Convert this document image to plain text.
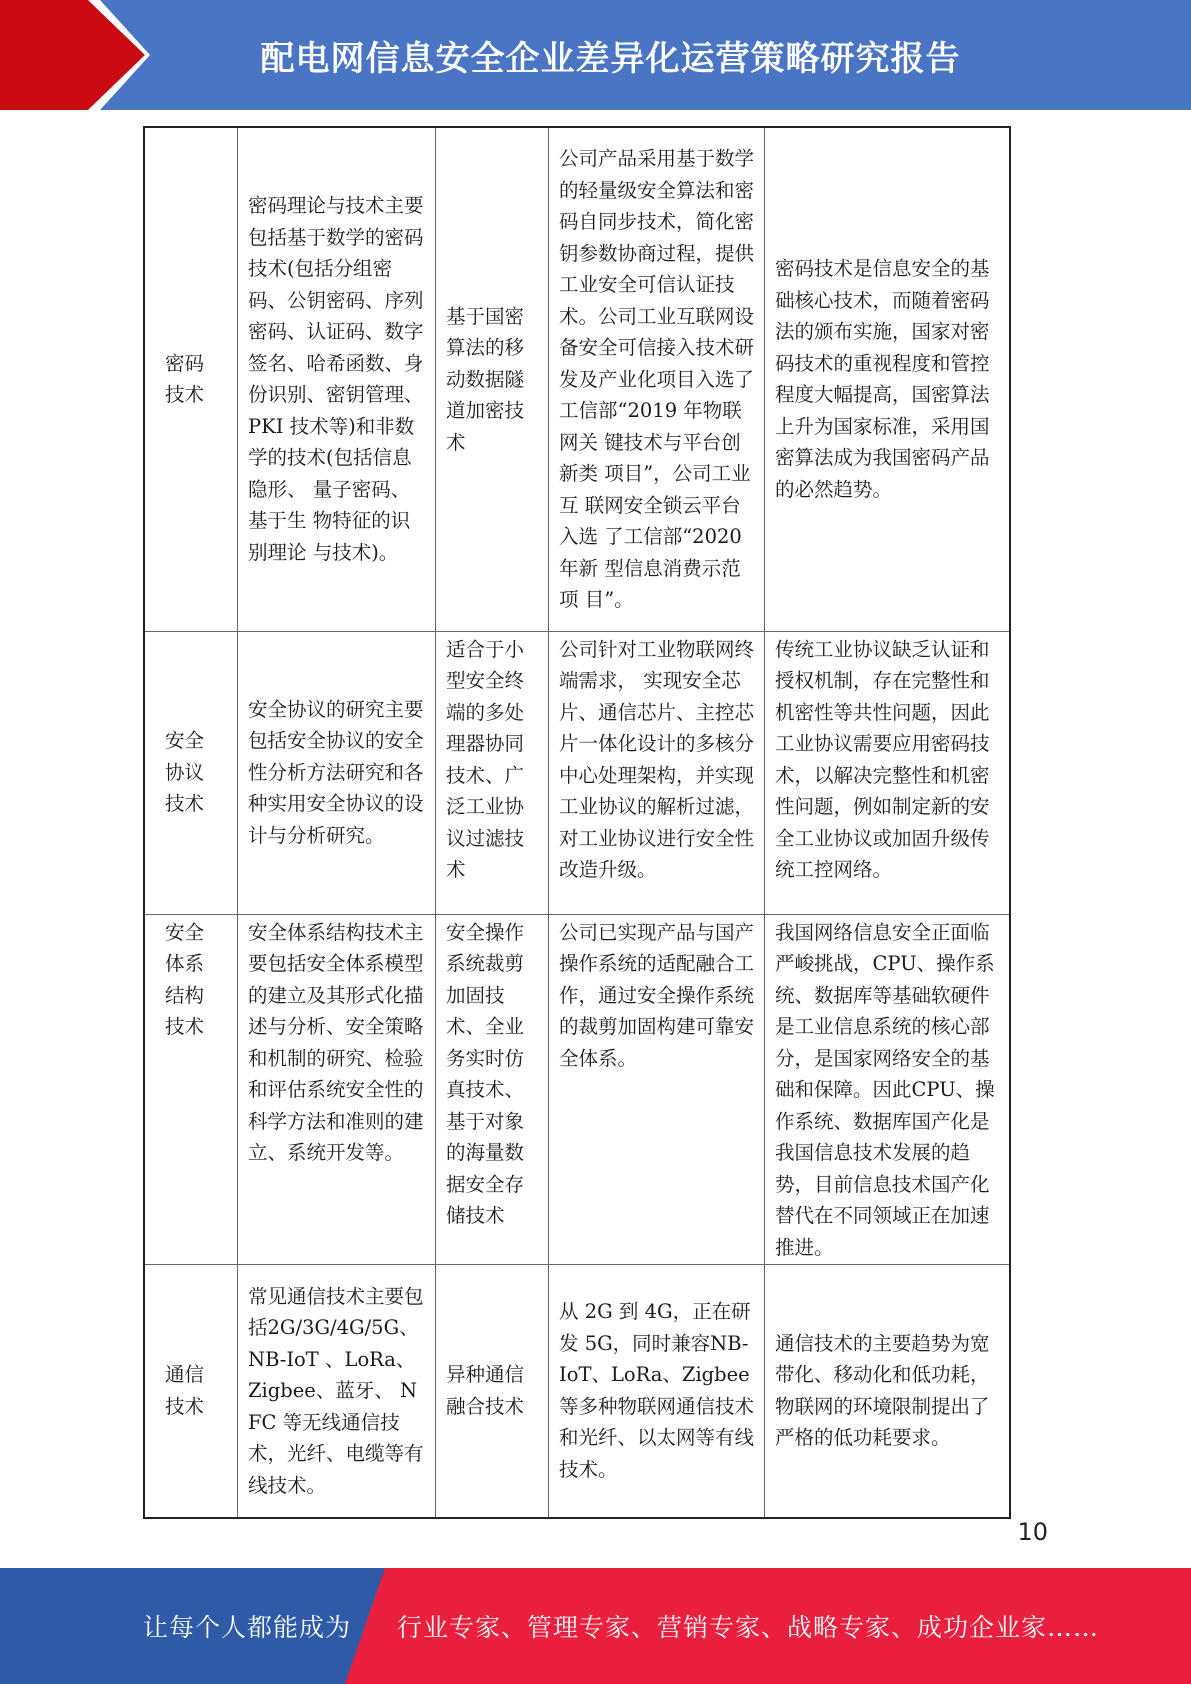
配电网信息安全企业差异化运营策略研究报告
密码
技术	密码理论与技术主要包括基于数学的密码技术(包括分组密码、公钥密码、序列密码、认证码、数字签名、哈希函数、身份识别、密钥管理、PKI 技术等)和非数学的技术(包括信息隐形、 量子密码、基于生 物特征的识别理论 与技术)。	基于国密算法的移动数据隧道加密技术	公司产品采用基于数学的轻量级安全算法和密码自同步技术，简化密钥参数协商过程，提供工业安全可信认证技术。公司工业互联网设备安全可信接入技术研发及产业化项目入选了工信部“2019 年物联网关 键技术与平台创新类 项目”，公司工业互 联网安全锁云平台入选 了工信部“2020 年新 型信息消费示范项 目”。	密码技术是信息安全的基础核心技术，而随着密码法的颁布实施，国家对密码技术的重视程度和管控程度大幅提高，国密算法上升为国家标准，采用国密算法成为我国密码产品的必然趋势。
安全
协议
技术	安全协议的研究主要包括安全协议的安全性分析方法研究和各种实用安全协议的设计与分析研究。	适合于小型安全终端的多处理器协同技术、广泛工业协议过滤技术	公司针对工业物联网终端需求， 实现安全芯片、通信芯片、主控芯片一体化设计的多核分中心处理架构，并实现工业协议的解析过滤，对工业协议进行安全性改造升级。	传统工业协议缺乏认证和授权机制，存在完整性和机密性等共性问题，因此工业协议需要应用密码技术，以解决完整性和机密性问题，例如制定新的安全工业协议或加固升级传统工控网络。
安全
体系
结构
技术	安全体系结构技术主要包括安全体系模型的建立及其形式化描述与分析、安全策略和机制的研究、检验和评估系统安全性的科学方法和准则的建立、系统开发等。	安全操作系统裁剪加固技术、全业务实时仿真技术、基于对象的海量数据安全存储技术	公司已实现产品与国产操作系统的适配融合工作，通过安全操作系统的裁剪加固构建可靠安全体系。	我国网络信息安全正面临严峻挑战，CPU、操作系统、数据库等基础软硬件是工业信息系统的核心部分，是国家网络安全的基础和保障。因此CPU、操作系统、数据库国产化是我国信息技术发展的趋势，目前信息技术国产化替代在不同领域正在加速推进。
通信
技术	常见通信技术主要包括2G/3G/4G/5G、NB-IoT 、LoRa、Zigbee、蓝牙、 NFC 等无线通信技术，光纤、电缆等有线技术。	异种通信融合技术	从 2G 到 4G，正在研发 5G，同时兼容NB-IoT、LoRa、Zigbee等多种物联网通信技术和光纤、以太网等有线技术。	通信技术的主要趋势为宽带化、移动化和低功耗，物联网的环境限制提出了严格的低功耗要求。
10
让每个人都能成为 行业专家、管理专家、营销专家、战略专家、成功企业家……
